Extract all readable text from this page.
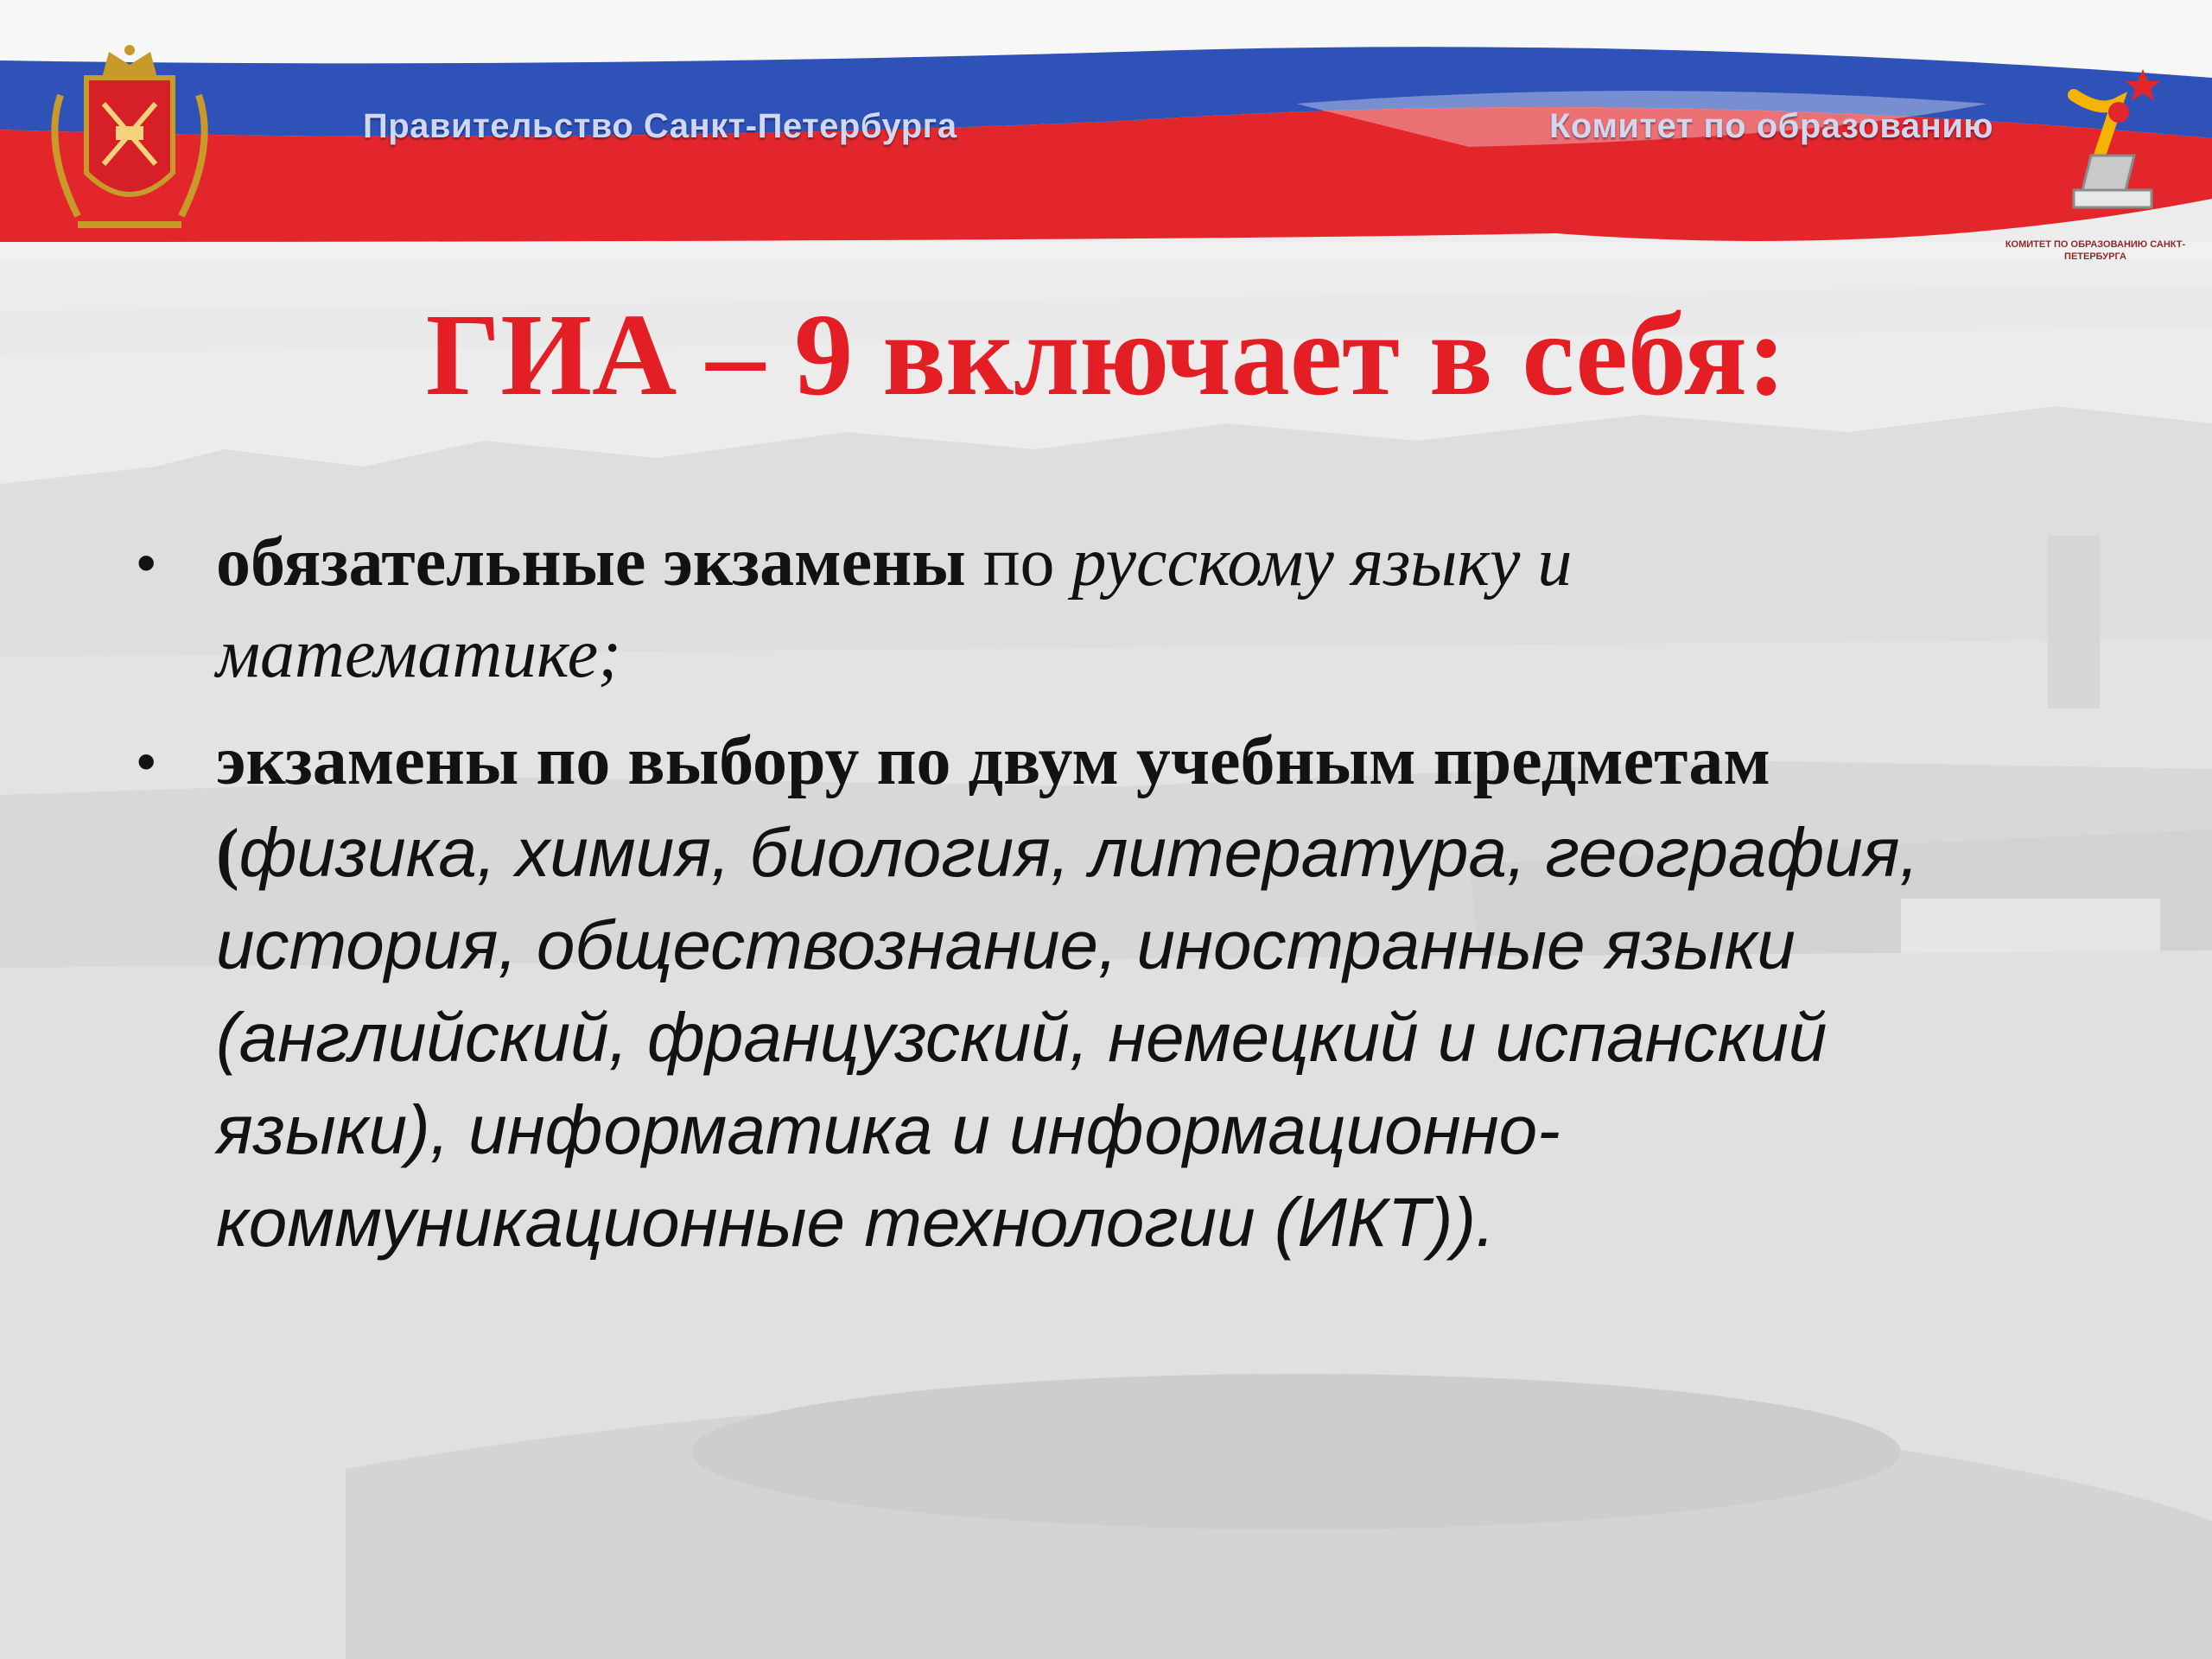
Правительство Санкт-Петербурга	Комитет по образованию
КОМИТЕТ ПО ОБРАЗОВАНИЮ САНКТ-ПЕТЕРБУРГА
ГИА – 9 включает в себя:
• обязательные экзамены по русскому языку и математике;
• экзамены по выбору по двум учебным предметам (физика, химия, биология, литература, география, история, обществознание, иностранные языки (английский, французский, немецкий и испанский языки), информатика и информационно-коммуникационные технологии (ИКТ)).
